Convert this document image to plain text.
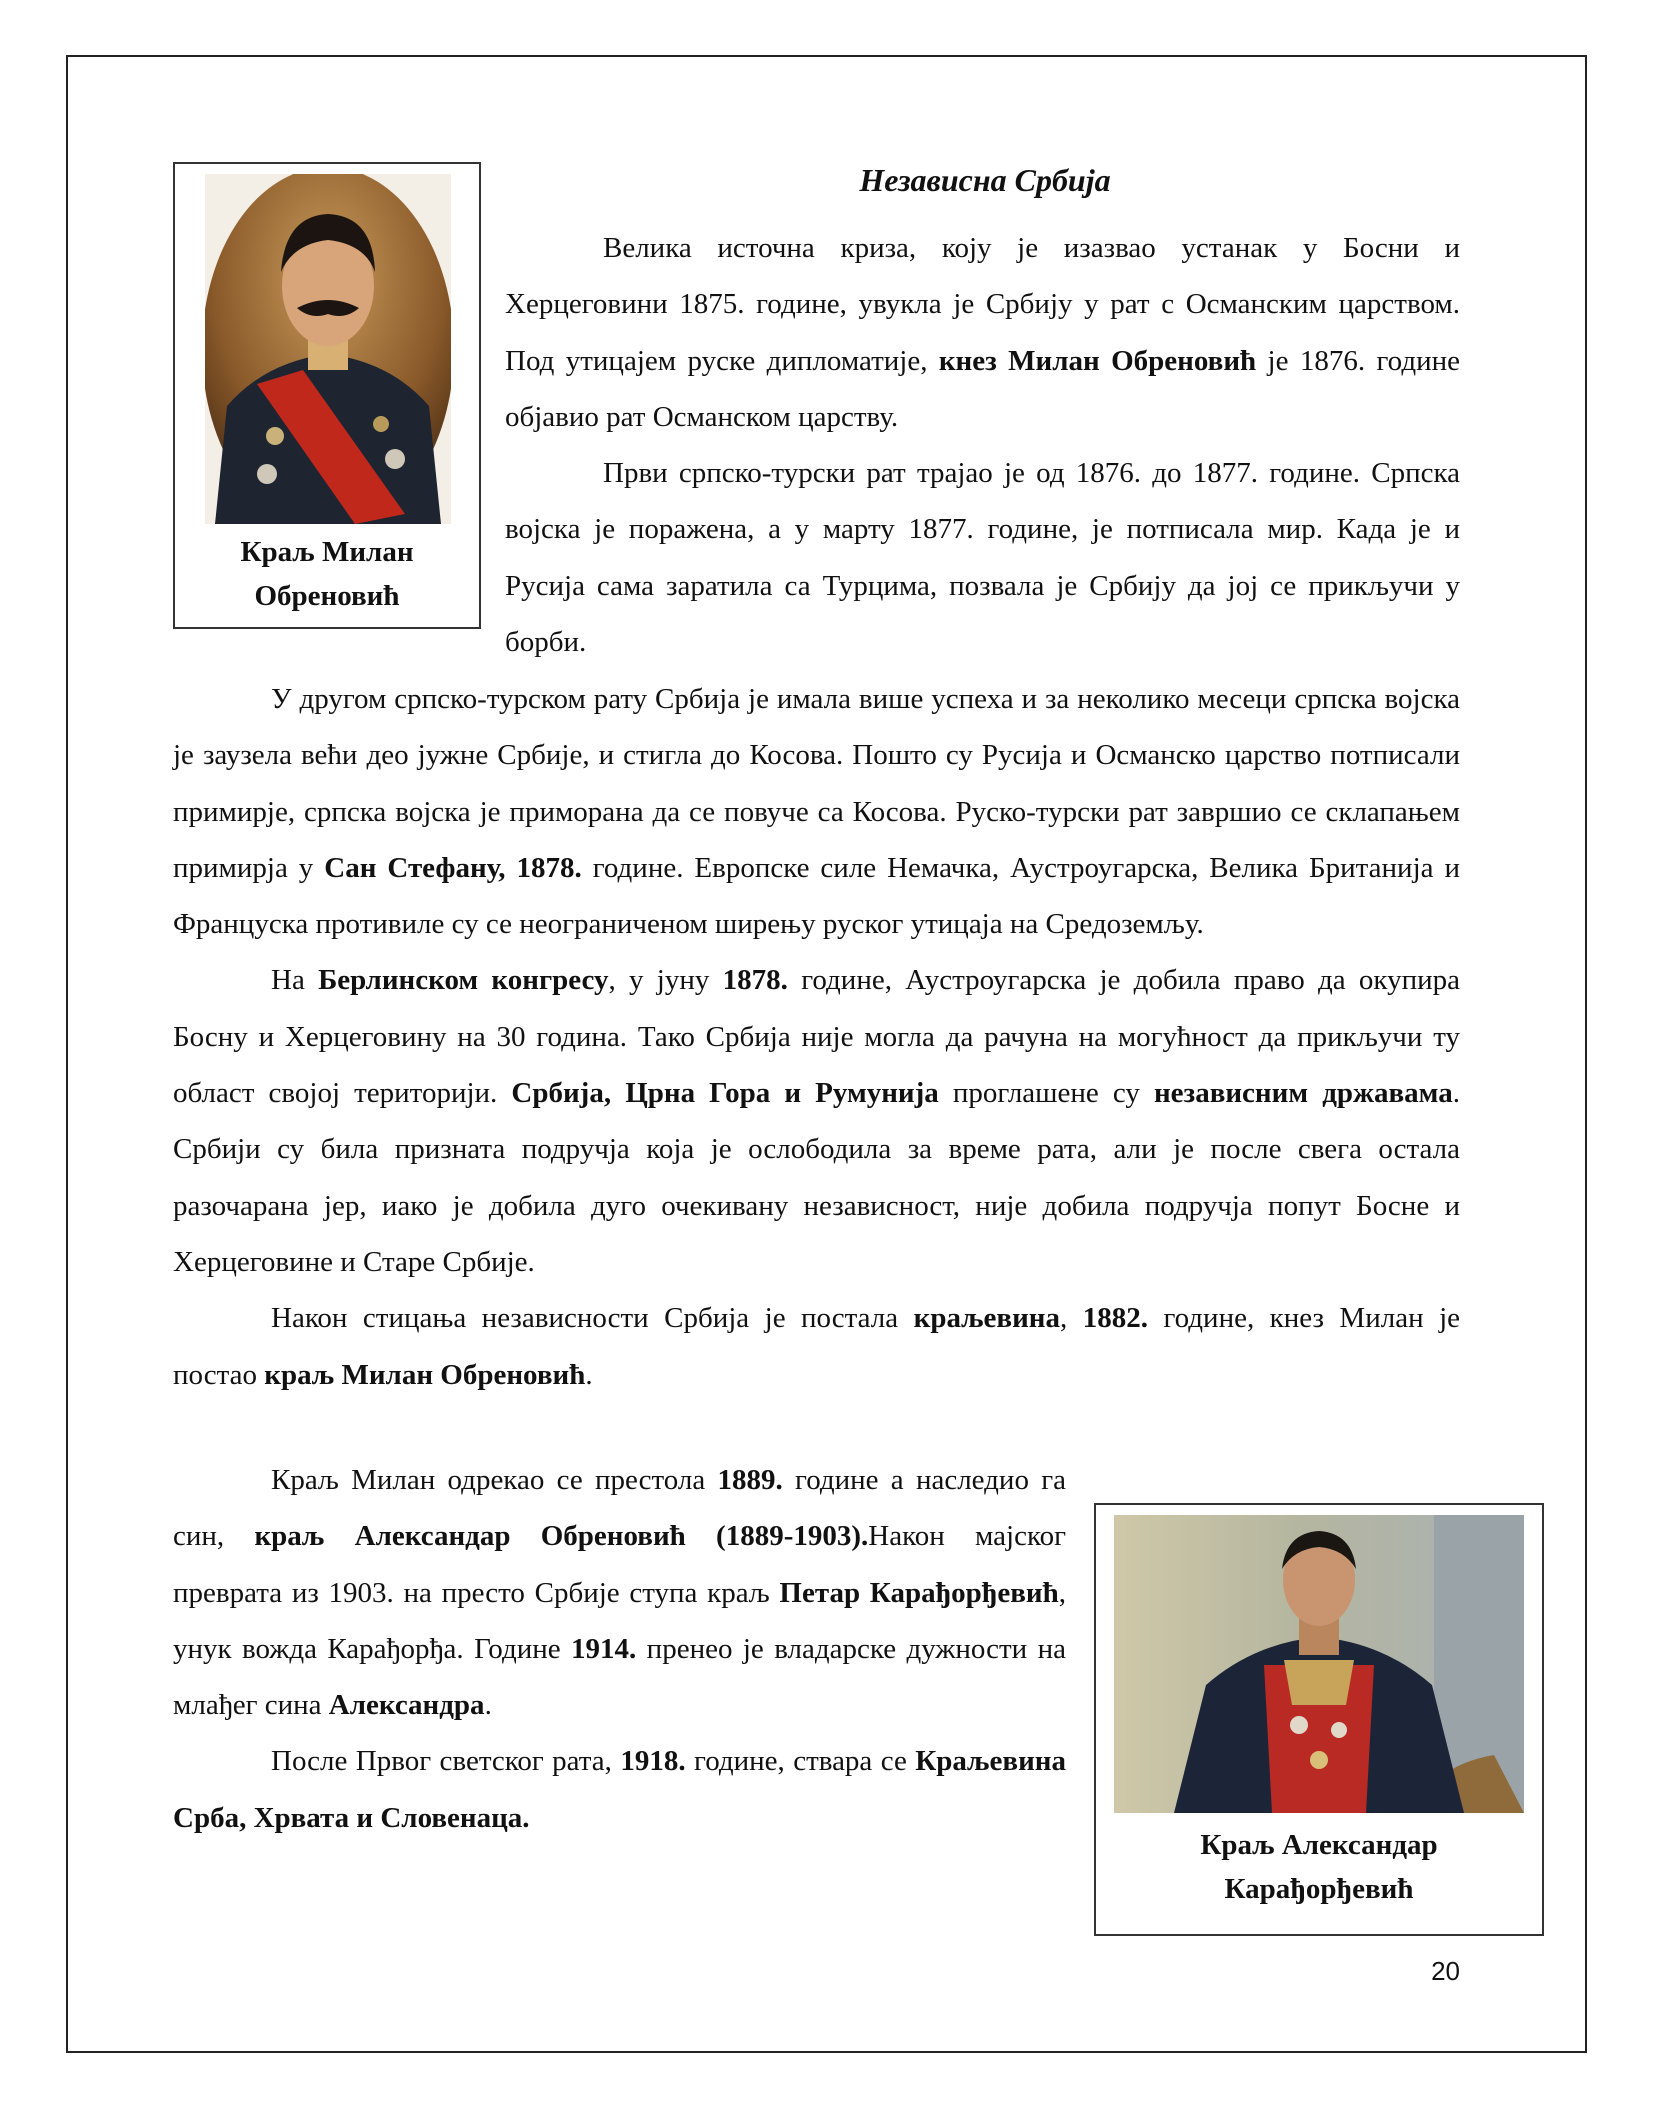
Краљ Милан
Обреновић
Независна Србија

Велика источна криза, коју је изазвао устанак у Босни и Херцеговини 1875. године, увукла је Србију у рат с Османским царством. Под утицајем руске дипломатије, кнез Милан Обреновић је 1876. године објавио рат Османском царству.

Први српско-турски рат трајао је од 1876. до 1877. године. Српска војска је поражена, а у марту 1877. године, је потписала мир. Када је и Русија сама заратила са Турцима, позвала је Србију да јој се прикључи у борби.

У другом српско-турском рату Србија је имала више успеха и за неколико месеци српска војска је заузела већи део јужне Србије, и стигла до Косова. Пошто су Русија и Османско царство потписали примирје, српска војска је приморана да се повуче са Косова. Руско-турски рат завршио се склапањем примирја у Сан Стефану, 1878. године. Европске силе Немачка, Аустроугарска, Велика Британија и Француска противиле су се неограниченом ширењу руског утицаја на Средоземљу.

На Берлинском конгресу, у јуну 1878. године, Аустроугарска је добила право да окупира Босну и Херцеговину на 30 година. Тако Србија није могла да рачуна на могућност да прикључи ту област својој територији. Србија, Црна Гора и Румунија проглашене су независним државама. Србији су била призната подручја која је ослободила за време рата, али је после свега остала разочарана јер, иако је добила дуго очекивану независност, није добила подручја попут Босне и Херцеговине и Старе Србије.

Након стицања независности Србија је постала краљевина, 1882. године, кнез Милан је постао краљ Милан Обреновић.

Краљ Милан одрекао се престола 1889. године а наследио га син, краљ Александар Обреновић (1889-1903).Након мајског преврата из 1903. на престо Србије ступа краљ Петар Карађорђевић, унук вожда Карађорђа. Године 1914. пренео је владарске дужности на млађег сина Александра.

После Првог светског рата, 1918. године, ствара се Краљевина Срба, Хрвата и Словенаца.

Краљ Александар
Карађорђевић
20
